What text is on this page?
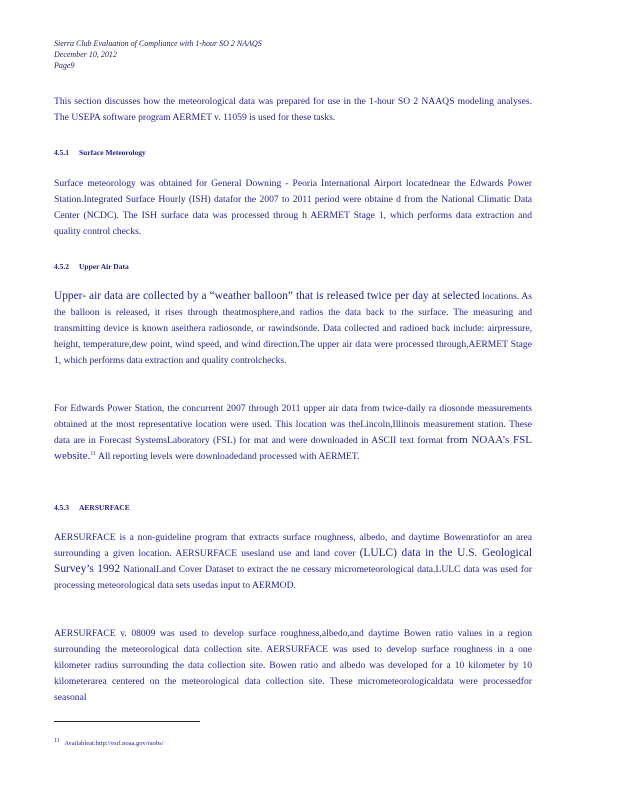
Sierra Club Evaluation of Compliance with 1-hour SO 2 NAAQS
December 10, 2012
Page9

This section discusses how the meteorological data was prepared for use in the 1-hour SO 2 NAAQS modeling analyses. The USEPA software program AERMET v. 11059 is used for these tasks.

4.5.1 Surface Meteorology

Surface meteorology was obtained for General Downing - Peoria International Airport locatednear the Edwards Power Station.Integrated Surface Hourly (ISH) datafor the 2007 to 2011 period were obtaine d from the National Climatic Data Center (NCDC). The ISH surface data was processed throug h AERMET Stage 1, which performs data extraction and quality control checks.

4.5.2 Upper Air Data
Upper- air data are collected by a “weather balloon” that is released twice per day at selected locations. As the balloon is released, it rises through theatmosphere,and radios the data back to the surface. The measuring and transmitting device is known aseithera radiosonde, or rawindsonde. Data collected and radioed back include: airpressure, height, temperature,dew point, wind speed, and wind direction.The upper air data were processed through,AERMET Stage 1, which performs data extraction and quality controlchecks.
For Edwards Power Station, the concurrent 2007 through 2011 upper air data from twice-daily ra diosonde measurements obtained at the most representative location were used. This location was theLincoln,Illinois measurement station. These data are in Forecast SystemsLaboratory (FSL) for mat and were downloaded in ASCII text format from NOAA’s FSL website.$^{11}$ All reporting levels were downloadedand processed with AERMET.
4.5.3 AERSURFACE
AERSURFACE is a non-guideline program that extracts surface roughness, albedo, and daytime Bowenratiofor an area surrounding a given location. AERSURFACE usesland use and land cover (LULC) data in the U.S. Geological Survey’s 1992 NationalLand Cover Dataset to extract the ne cessary micrometeorological data.LULC data was used for processing meteorological data sets usedas input to AERMOD.

AERSURFACE v. 08009 was used to develop surface roughness,albedo,and daytime Bowen ratio values in a region surrounding the meteorological data collection site. AERSURFACE was used to develop surface roughness in a one kilometer radius surrounding the data collection site. Bowen ratio and albedo was developed for a 10 kilometer by 10 kilometerarea centered on the meteorological data collection site. These micrometeorologicaldata were processedfor seasonal

$^{11}$ Availableat:http://esrl.noaa.gov/raobs/
